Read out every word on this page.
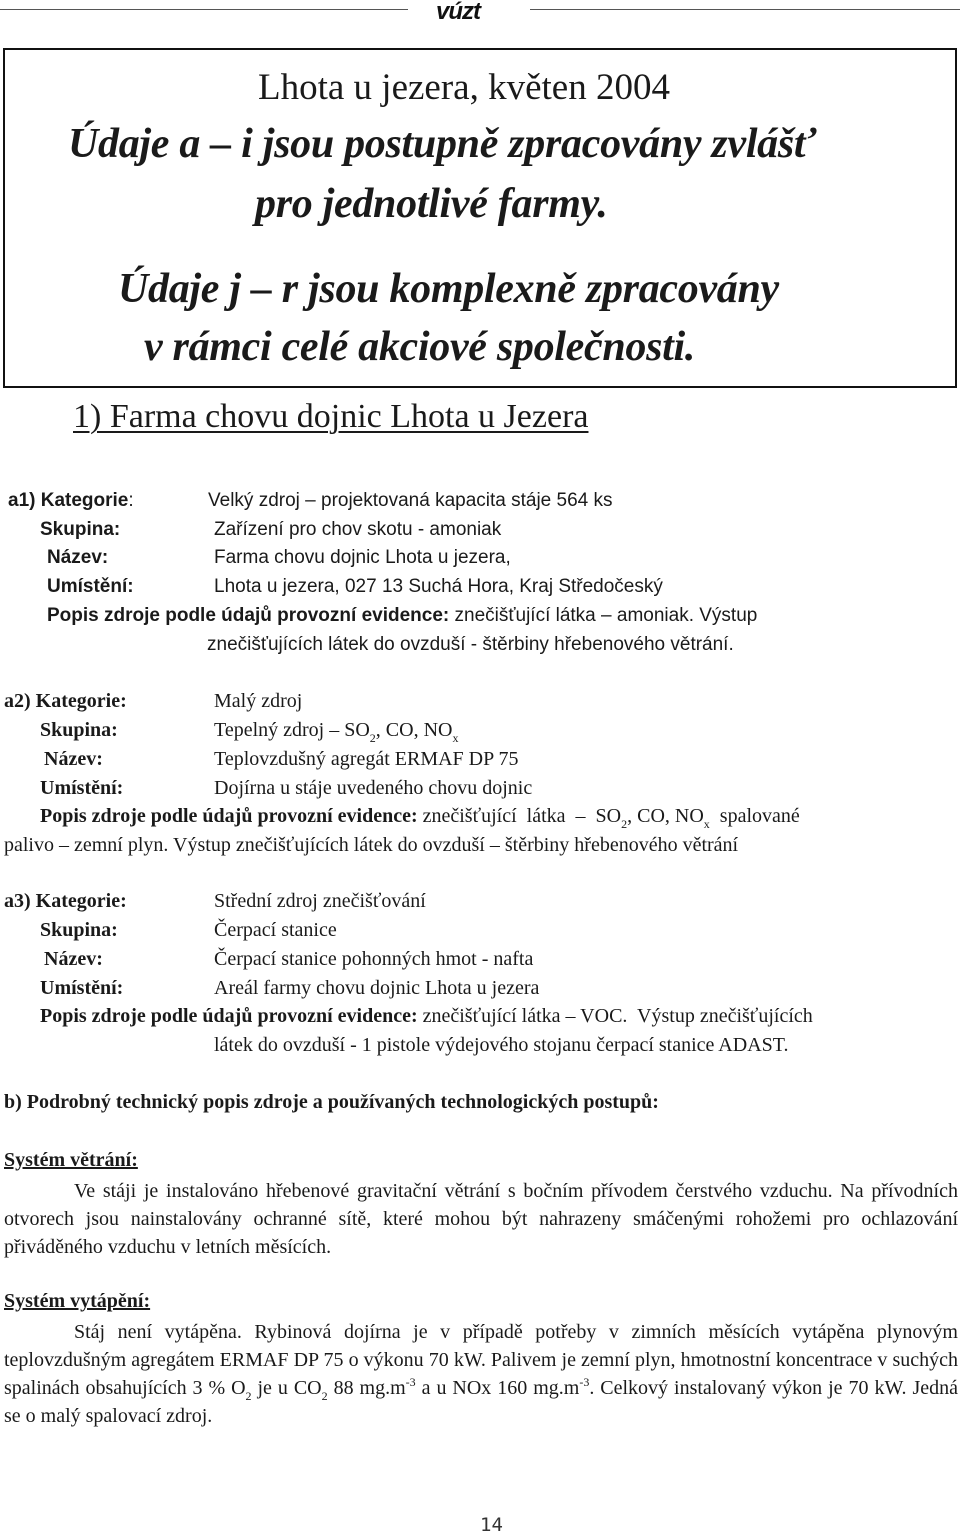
vúzt
Lhota u jezera, květen 2004
Údaje a – i jsou postupně zpracovány zvlášť
pro jednotlivé farmy.
Údaje j – r jsou komplexně zpracovány
v rámci celé akciové společnosti.
1) Farma chovu dojnic Lhota u Jezera
a1) Kategorie:	Velký zdroj – projektovaná kapacita stáje 564 ks
Skupina:	Zařízení pro chov skotu - amoniak
Název:	Farma chovu dojnic Lhota u jezera,
Umístění:	Lhota u jezera, 027 13 Suchá Hora, Kraj Středočeský
Popis zdroje podle údajů provozní evidence: znečišťující látka – amoniak. Výstup
znečišťujících látek do ovzduší - štěrbiny hřebenového větrání.
a2) Kategorie:	Malý zdroj
Skupina:	Tepelný zdroj – $SO_2$, CO, $NO_x$
Název:	Teplovzdušný agregát ERMAF DP 75
Umístění:	Dojírna u stáje uvedeného chovu dojnic
Popis zdroje podle údajů provozní evidence: znečišťující  látka  –  $SO_2$, CO, $NO_x$  spalované
palivo – zemní plyn. Výstup znečišťujících látek do ovzduší – štěrbiny hřebenového větrání
a3) Kategorie:	Střední zdroj znečišťování
Skupina:	Čerpací stanice
Název:	Čerpací stanice pohonných hmot - nafta
Umístění:	Areál farmy chovu dojnic Lhota u jezera
Popis zdroje podle údajů provozní evidence: znečišťující látka – VOC.  Výstup znečišťujících
látek do ovzduší - 1 pistole výdejového stojanu čerpací stanice ADAST.
b) Podrobný technický popis zdroje a používaných technologických postupů:
Systém větrání:
Ve stáji je instalováno hřebenové gravitační větrání s bočním přívodem čerstvého vzduchu. Na přívodních otvorech jsou nainstalovány ochranné sítě, které mohou být nahrazeny smáčenými rohožemi pro ochlazování přiváděného vzduchu v letních měsících.
Systém vytápění:
Stáj není vytápěna. Rybinová dojírna je v případě potřeby v zimních měsících vytápěna plynovým teplovzdušným agregátem ERMAF DP 75 o výkonu 70 kW. Palivem je zemní plyn, hmotnostní koncentrace v suchých spalinách obsahujících 3 % $O_2$ je u $CO_2$ 88 $mg.m^{-3}$ a u NOx 160 $mg.m^{-3}$. Celkový instalovaný výkon je 70 kW. Jedná se o malý spalovací zdroj.
14
